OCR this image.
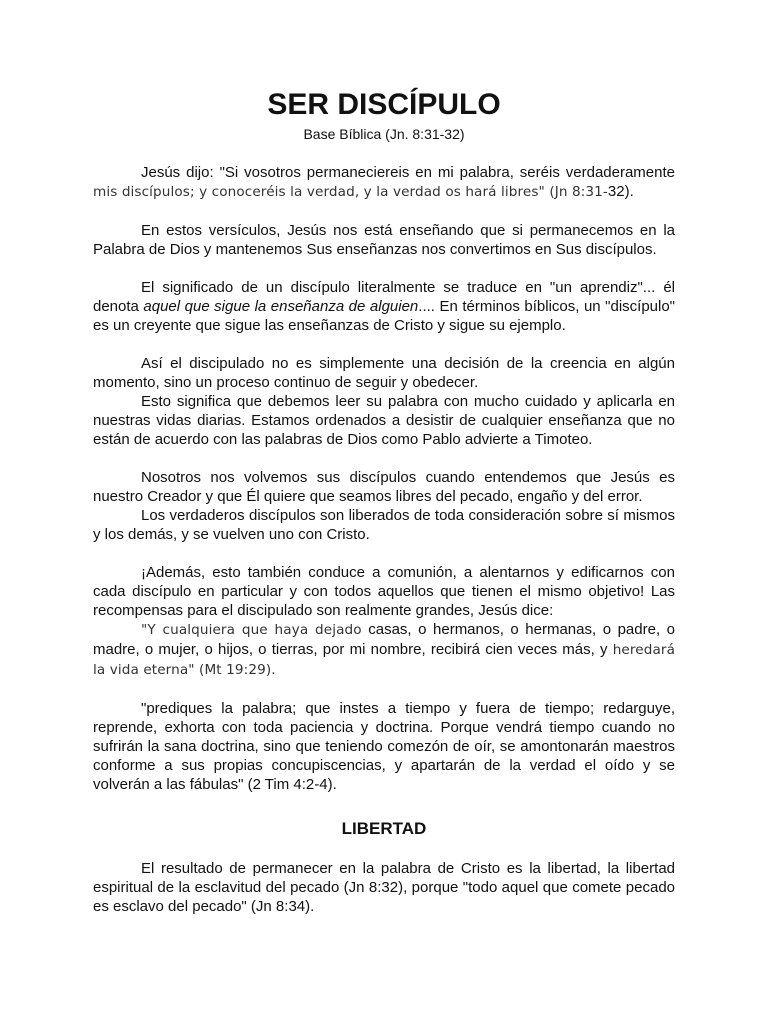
SER DISCÍPULO
Base Bíblica (Jn. 8:31-32)

Jesús dijo: "Si vosotros permaneciereis en mi palabra, seréis verdaderamente mis discípulos; y conoceréis la verdad, y la verdad os hará libres" (Jn 8:31-32).

En estos versículos, Jesús nos está enseñando que si permanecemos en la Palabra de Dios y mantenemos Sus enseñanzas nos convertimos en Sus discípulos.

El significado de un discípulo literalmente se traduce en "un aprendiz"... él denota aquel que sigue la enseñanza de alguien.... En términos bíblicos, un "discípulo" es un creyente que sigue las enseñanzas de Cristo y sigue su ejemplo.

Así el discipulado no es simplemente una decisión de la creencia en algún momento, sino un proceso continuo de seguir y obedecer.

Esto significa que debemos leer su palabra con mucho cuidado y aplicarla en nuestras vidas diarias. Estamos ordenados a desistir de cualquier enseñanza que no están de acuerdo con las palabras de Dios como Pablo advierte a Timoteo.

Nosotros nos volvemos sus discípulos cuando entendemos que Jesús es nuestro Creador y que Él quiere que seamos libres del pecado, engaño y del error.

Los verdaderos discípulos son liberados de toda consideración sobre sí mismos y los demás, y se vuelven uno con Cristo.

¡Además, esto también conduce a comunión, a alentarnos y edificarnos con cada discípulo en particular y con todos aquellos que tienen el mismo objetivo! Las recompensas para el discipulado son realmente grandes, Jesús dice:

"Y cualquiera que haya dejado casas, o hermanos, o hermanas, o padre, o madre, o mujer, o hijos, o tierras, por mi nombre, recibirá cien veces más, y heredará la vida eterna" (Mt 19:29).

"prediques la palabra; que instes a tiempo y fuera de tiempo; redarguye, reprende, exhorta con toda paciencia y doctrina. Porque vendrá tiempo cuando no sufrirán la sana doctrina, sino que teniendo comezón de oír, se amontonarán maestros conforme a sus propias concupiscencias, y apartarán de la verdad el oído y se volverán a las fábulas" (2 Tim 4:2-4).

LIBERTAD

El resultado de permanecer en la palabra de Cristo es la libertad, la libertad espiritual de la esclavitud del pecado (Jn 8:32), porque "todo aquel que comete pecado es esclavo del pecado" (Jn 8:34).
